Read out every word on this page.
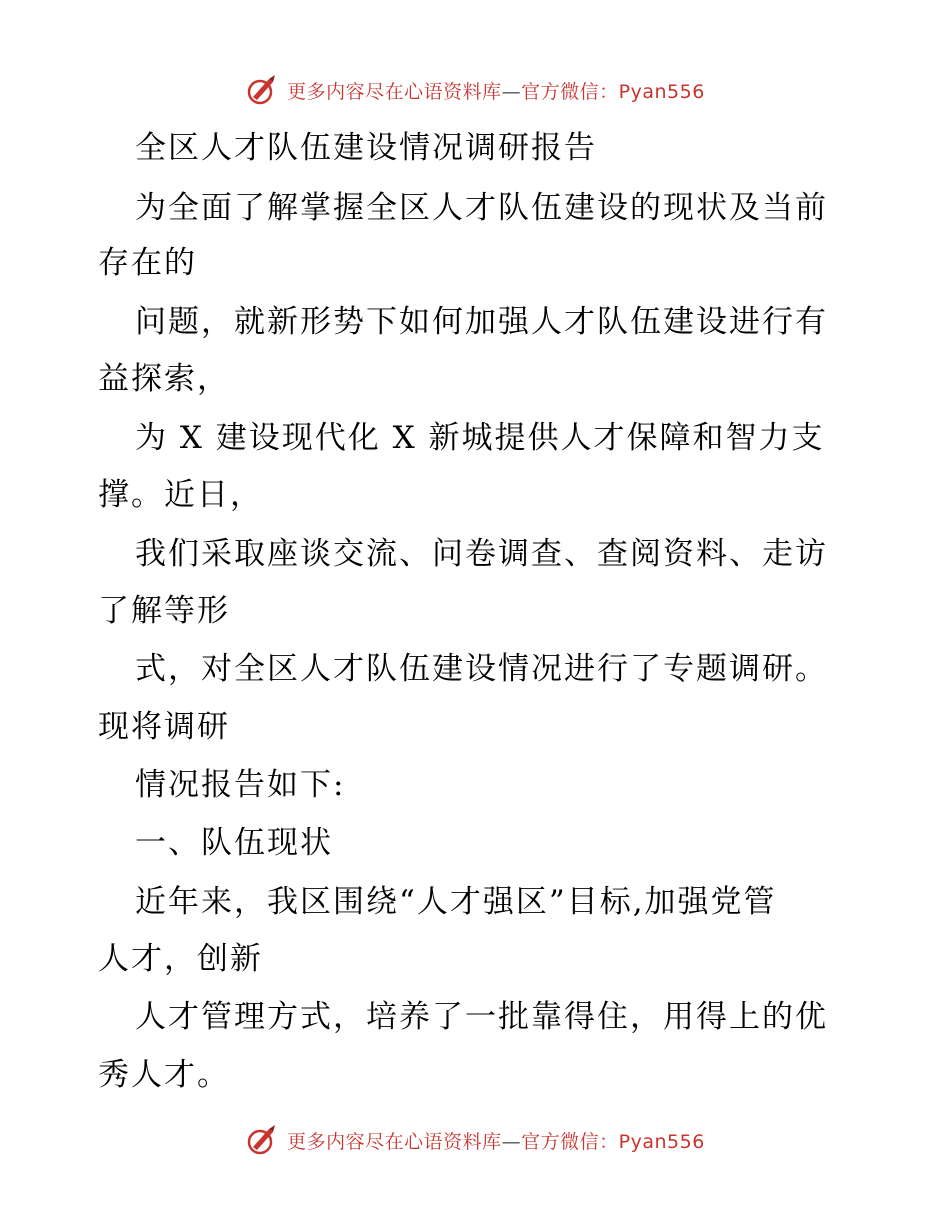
更多内容尽在心语资料库—官方微信：Pyan556
全区人才队伍建设情况调研报告
为全面了解掌握全区人才队伍建设的现状及当前
存在的
问题，就新形势下如何加强人才队伍建设进行有
益探索，
为 X 建设现代化 X 新城提供人才保障和智力支
撑。近日，
我们采取座谈交流、问卷调查、查阅资料、走访
了解等形
式，对全区人才队伍建设情况进行了专题调研。
现将调研
情况报告如下:
一、队伍现状
近年来，我区围绕“人才强区”目标,加强党管
人才，创新
人才管理方式，培养了一批靠得住，用得上的优
秀人才。
更多内容尽在心语资料库—官方微信：Pyan556
